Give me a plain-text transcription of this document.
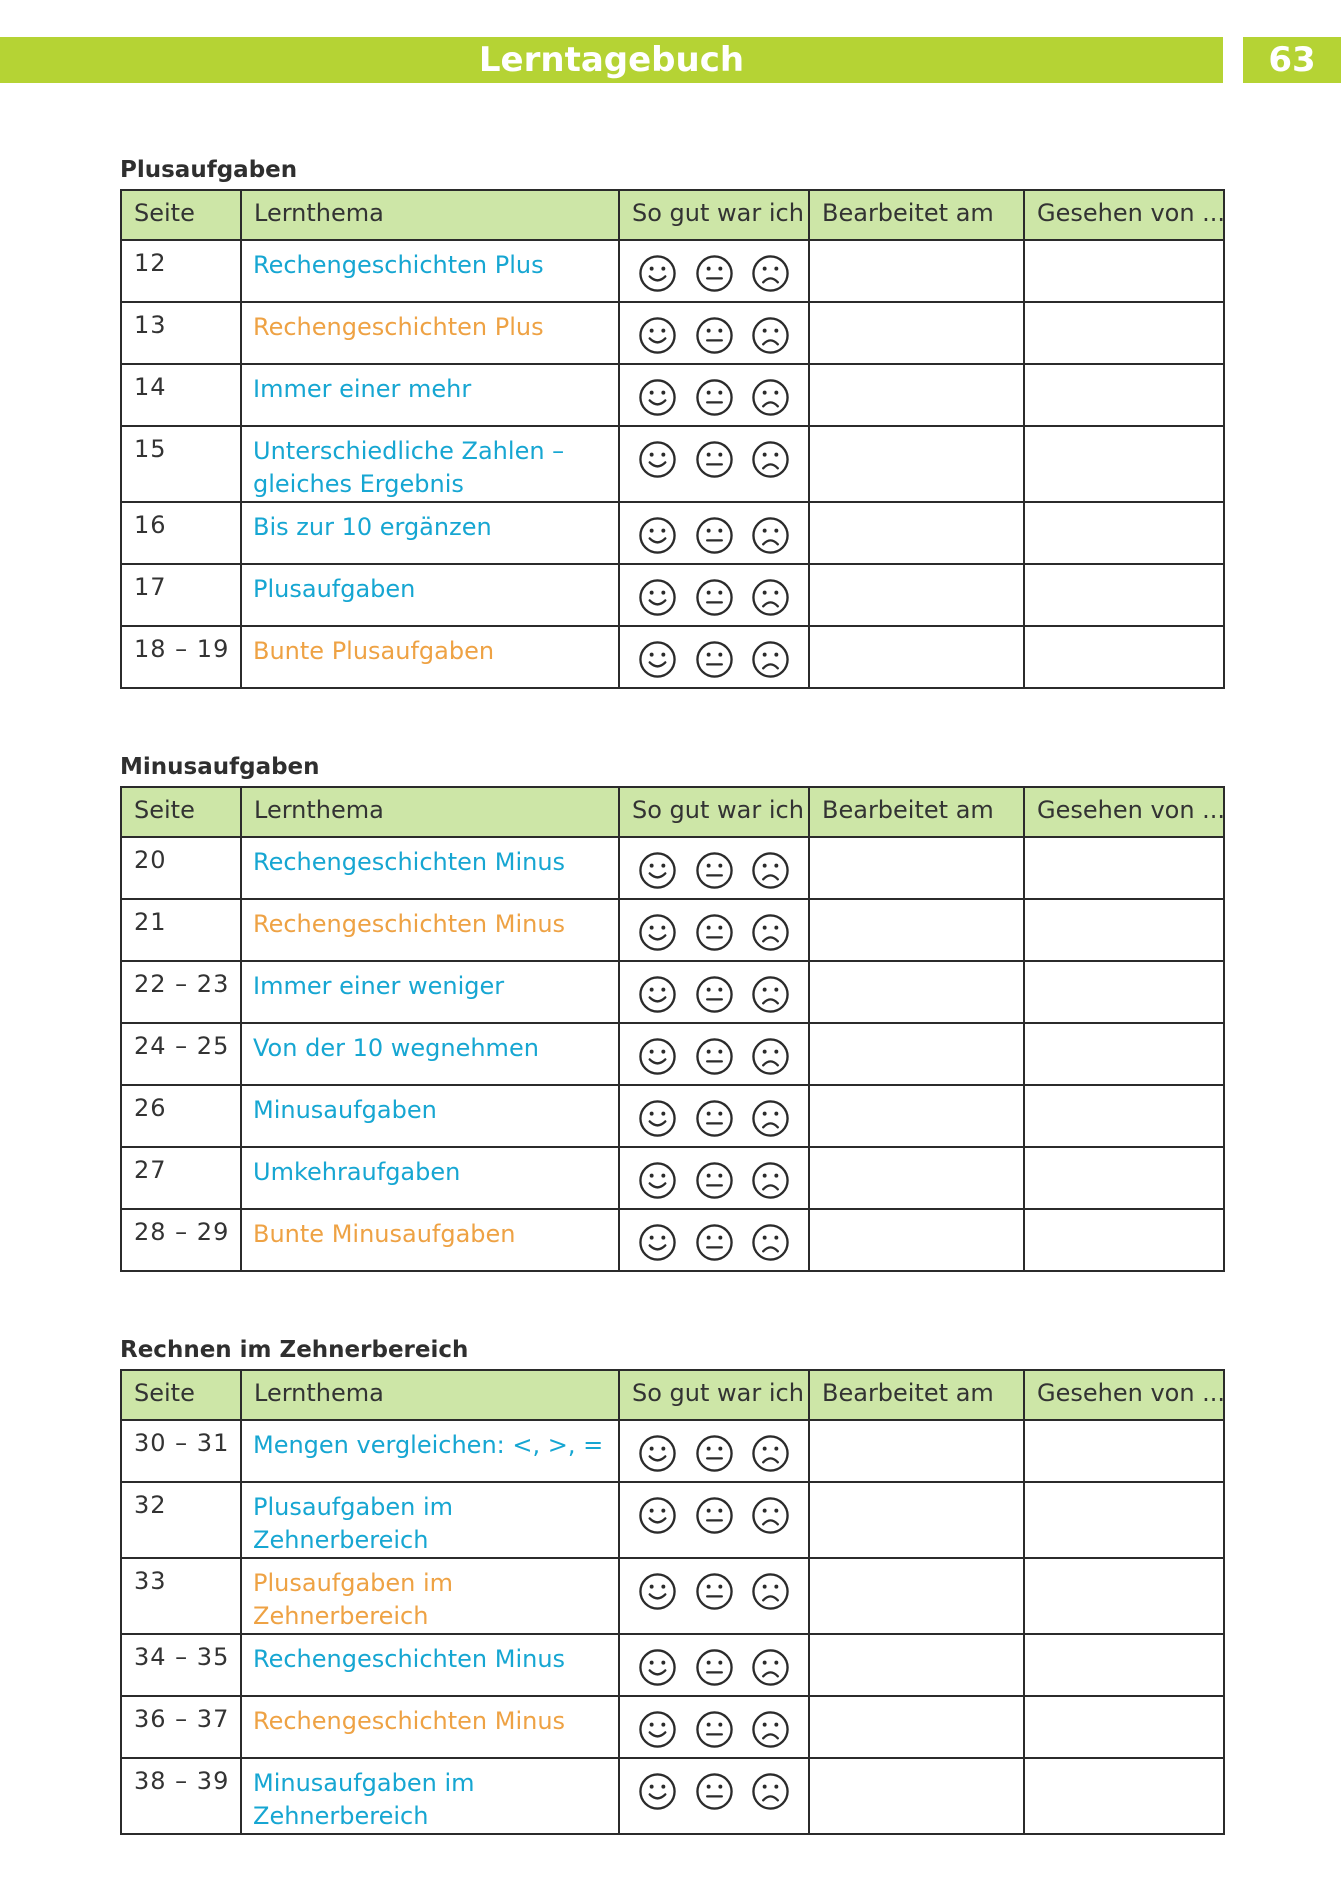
Lerntagebuch	63
Plusaufgaben
Seite	Lernthema	So gut war ich	Bearbeitet am	Gesehen von ...
12	Rechengeschichten Plus	

13	Rechengeschichten Plus	

14	Immer einer mehr	

15	Unterschiedliche Zahlen – gleiches Ergebnis	

16	Bis zur 10 ergänzen	

17	Plusaufgaben	

18 – 19	Bunte Plusaufgaben	

Minusaufgaben
Seite	Lernthema	So gut war ich	Bearbeitet am	Gesehen von ...
20	Rechengeschichten Minus	

21	Rechengeschichten Minus	

22 – 23	Immer einer weniger	

24 – 25	Von der 10 wegnehmen	

26	Minusaufgaben	

27	Umkehraufgaben	

28 – 29	Bunte Minusaufgaben	

Rechnen im Zehnerbereich
Seite	Lernthema	So gut war ich	Bearbeitet am	Gesehen von ...
30 – 31	Mengen vergleichen: <, >, =	

32	Plusaufgaben im Zehnerbereich	

33	Plusaufgaben im Zehnerbereich	

34 – 35	Rechengeschichten Minus	

36 – 37	Rechengeschichten Minus	

38 – 39	Minusaufgaben im Zehnerbereich	
